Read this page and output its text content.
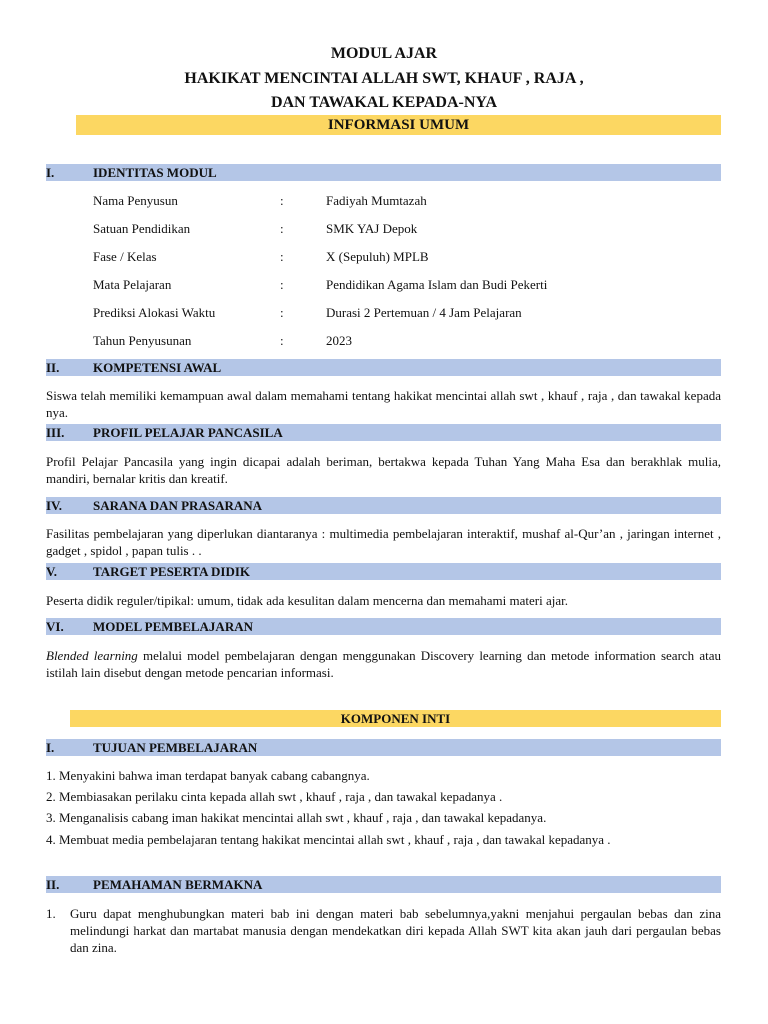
MODUL AJAR
HAKIKAT MENCINTAI ALLAH SWT, KHAUF , RAJA ,
DAN TAWAKAL KEPADA-NYA
INFORMASI UMUM
I.	IDENTITAS MODUL
Nama Penyusun	:	Fadiyah Mumtazah
Satuan Pendidikan	:	SMK YAJ Depok
Fase / Kelas	:	X (Sepuluh) MPLB
Mata Pelajaran	:	Pendidikan Agama Islam dan Budi Pekerti
Prediksi Alokasi Waktu	:	Durasi 2 Pertemuan / 4 Jam Pelajaran
Tahun Penyusunan	:	2023
II.	KOMPETENSI AWAL
Siswa telah memiliki kemampuan awal dalam memahami tentang hakikat mencintai allah swt , khauf , raja , dan tawakal kepada nya.
III. PROFIL PELAJAR PANCASILA
Profil Pelajar Pancasila yang ingin dicapai adalah beriman, bertakwa kepada Tuhan Yang Maha Esa dan berakhlak mulia, mandiri, bernalar kritis dan kreatif.
IV. SARANA DAN PRASARANA
Fasilitas pembelajaran yang diperlukan diantaranya : multimedia pembelajaran interaktif, mushaf al-Qur’an , jaringan internet , gadget , spidol , papan tulis . .
V.	TARGET PESERTA DIDIK
Peserta didik reguler/tipikal: umum, tidak ada kesulitan dalam mencerna dan memahami materi ajar.
VI. MODEL PEMBELAJARAN
Blended learning melalui model pembelajaran dengan menggunakan Discovery learning dan metode information search atau istilah lain disebut dengan metode pencarian informasi.
KOMPONEN INTI
I.	TUJUAN PEMBELAJARAN
1. Menyakini bahwa iman terdapat banyak cabang cabangnya.
2. Membiasakan perilaku cinta kepada allah swt , khauf , raja , dan tawakal kepadanya .
3. Menganalisis cabang iman hakikat mencintai allah swt , khauf , raja , dan tawakal kepadanya.
4. Membuat media pembelajaran tentang hakikat mencintai allah swt , khauf , raja , dan tawakal kepadanya .
II.	PEMAHAMAN BERMAKNA
1. Guru dapat menghubungkan materi bab ini dengan materi bab sebelumnya,yakni menjahui pergaulan bebas dan zina melindungi harkat dan martabat manusia dengan mendekatkan diri kepada Allah SWT kita akan jauh dari pergaulan bebas dan zina.
